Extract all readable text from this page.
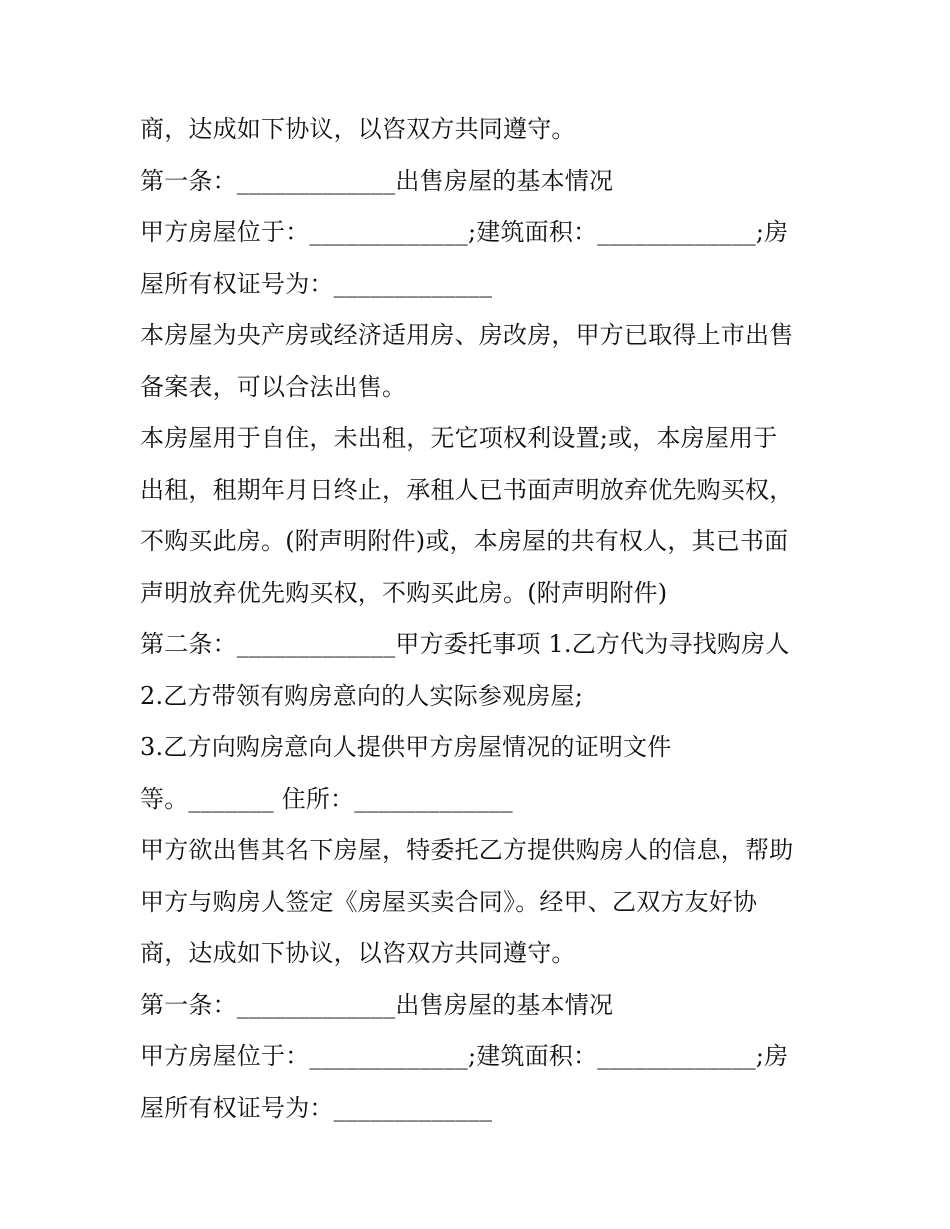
商，达成如下协议，以咨双方共同遵守。
第一条：_____________出售房屋的基本情况
甲方房屋位于：_____________;建筑面积：_____________;房
屋所有权证号为：_____________
本房屋为央产房或经济适用房、房改房，甲方已取得上市出售
备案表，可以合法出售。
本房屋用于自住，未出租，无它项权利设置;或，本房屋用于
出租，租期年月日终止，承租人已书面声明放弃优先购买权，
不购买此房。(附声明附件)或，本房屋的共有权人，其已书面
声明放弃优先购买权，不购买此房。(附声明附件)
第二条：_____________甲方委托事项 1.乙方代为寻找购房人
2.乙方带领有购房意向的人实际参观房屋;
3.乙方向购房意向人提供甲方房屋情况的证明文件
等。_______ 住所：_____________
甲方欲出售其名下房屋，特委托乙方提供购房人的信息，帮助
甲方与购房人签定《房屋买卖合同》。经甲、乙双方友好协
商，达成如下协议，以咨双方共同遵守。
第一条：_____________出售房屋的基本情况
甲方房屋位于：_____________;建筑面积：_____________;房
屋所有权证号为：_____________
